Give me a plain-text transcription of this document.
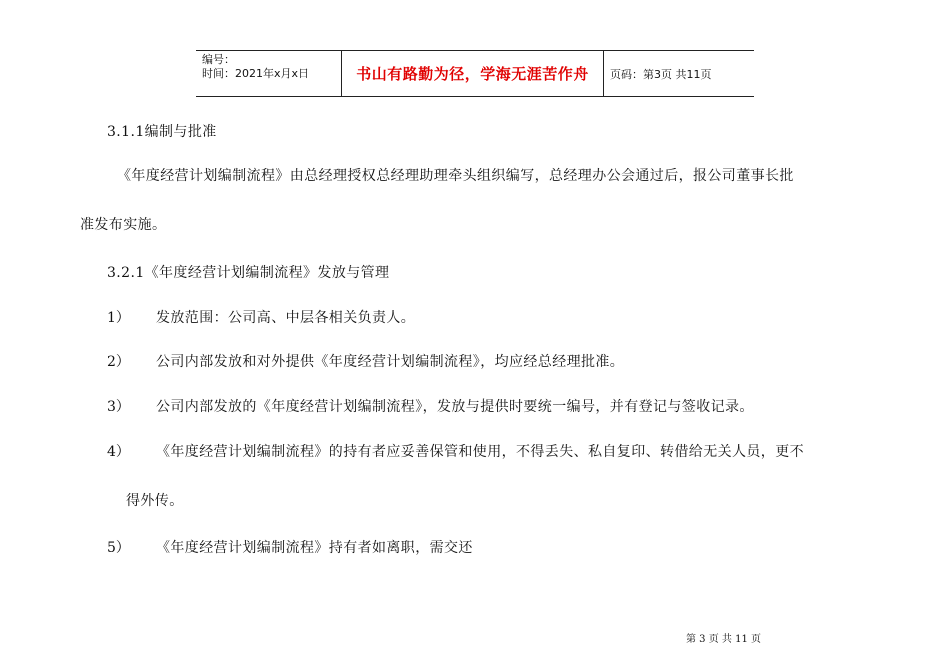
编号：
时间：2021年x月x日	书山有路勤为径，学海无涯苦作舟 页码：第3页 共11页
3.1.1编制与批准
《年度经营计划编制流程》由总经理授权总经理助理牵头组织编写，总经理办公会通过后，报公司董事长批
准发布实施。
3.2.1《年度经营计划编制流程》发放与管理
1） 发放范围：公司高、中层各相关负责人。
2） 公司内部发放和对外提供《年度经营计划编制流程》，均应经总经理批准。
3） 公司内部发放的《年度经营计划编制流程》，发放与提供时要统一编号，并有登记与签收记录。
4） 《年度经营计划编制流程》的持有者应妥善保管和使用，不得丢失、私自复印、转借给无关人员，更不
得外传。
5） 《年度经营计划编制流程》持有者如离职，需交还
第 3 页 共 11 页
